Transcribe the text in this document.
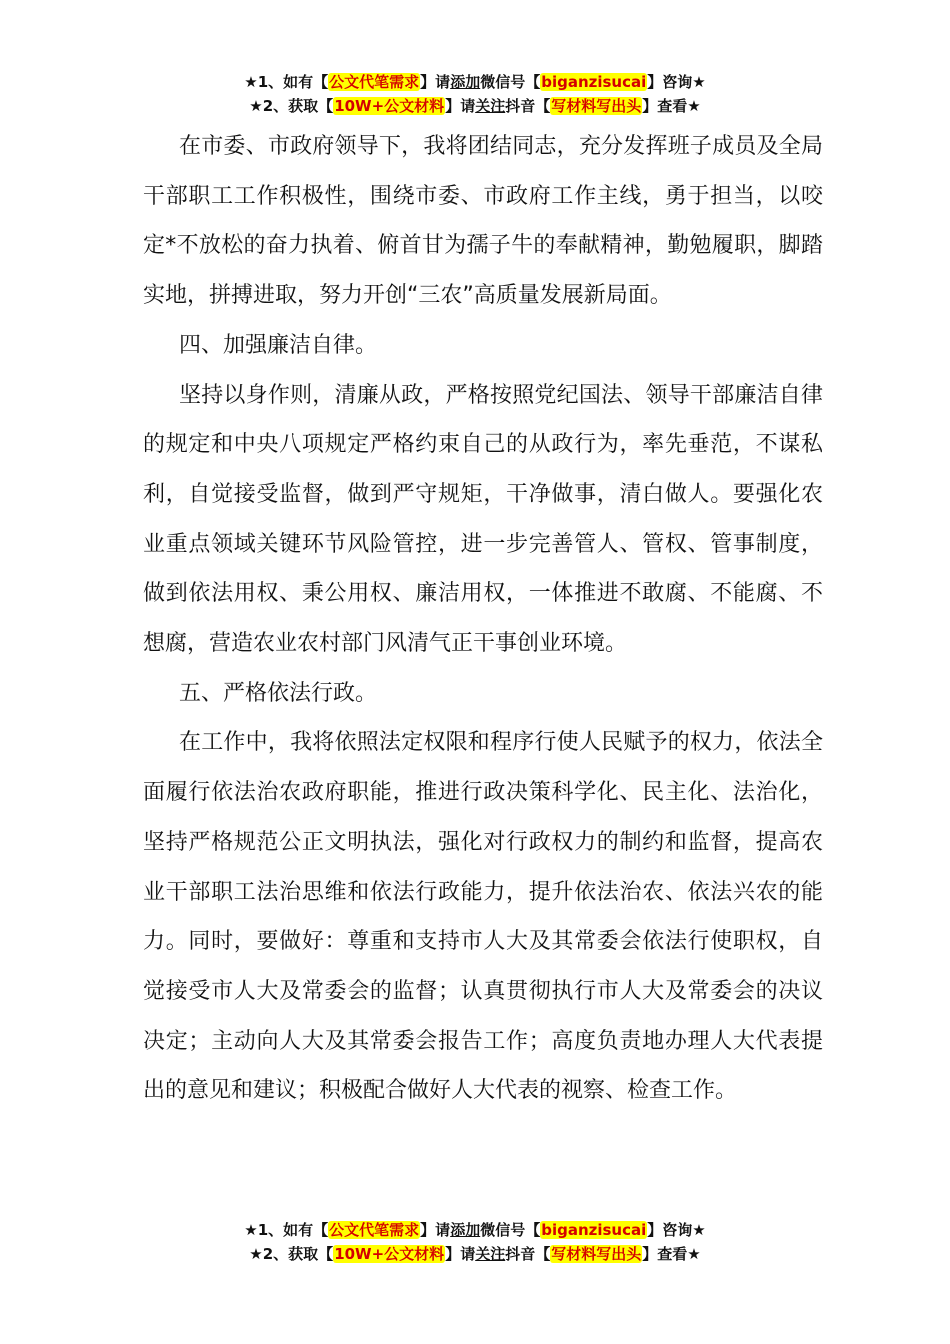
★1、如有【公文代笔需求】请添加微信号【biganzisucai】咨询★
★2、获取【10W+公文材料】请关注抖音【写材料写出头】查看★

在市委、市政府领导下，我将团结同志，充分发挥班子成员及全局干部职工工作积极性，围绕市委、市政府工作主线，勇于担当，以咬定*不放松的奋力执着、俯首甘为孺子牛的奉献精神，勤勉履职，脚踏实地，拼搏进取，努力开创“三农”高质量发展新局面。

四、加强廉洁自律。

坚持以身作则，清廉从政，严格按照党纪国法、领导干部廉洁自律的规定和中央八项规定严格约束自己的从政行为，率先垂范，不谋私利，自觉接受监督，做到严守规矩，干净做事，清白做人。要强化农业重点领域关键环节风险管控，进一步完善管人、管权、管事制度，做到依法用权、秉公用权、廉洁用权，一体推进不敢腐、不能腐、不想腐，营造农业农村部门风清气正干事创业环境。

五、严格依法行政。

在工作中，我将依照法定权限和程序行使人民赋予的权力，依法全面履行依法治农政府职能，推进行政决策科学化、民主化、法治化，坚持严格规范公正文明执法，强化对行政权力的制约和监督，提高农业干部职工法治思维和依法行政能力，提升依法治农、依法兴农的能力。同时，要做好：尊重和支持市人大及其常委会依法行使职权，自觉接受市人大及常委会的监督；认真贯彻执行市人大及常委会的决议决定；主动向人大及其常委会报告工作；高度负责地办理人大代表提出的意见和建议；积极配合做好人大代表的视察、检查工作。

★1、如有【公文代笔需求】请添加微信号【biganzisucai】咨询★
★2、获取【10W+公文材料】请关注抖音【写材料写出头】查看★
